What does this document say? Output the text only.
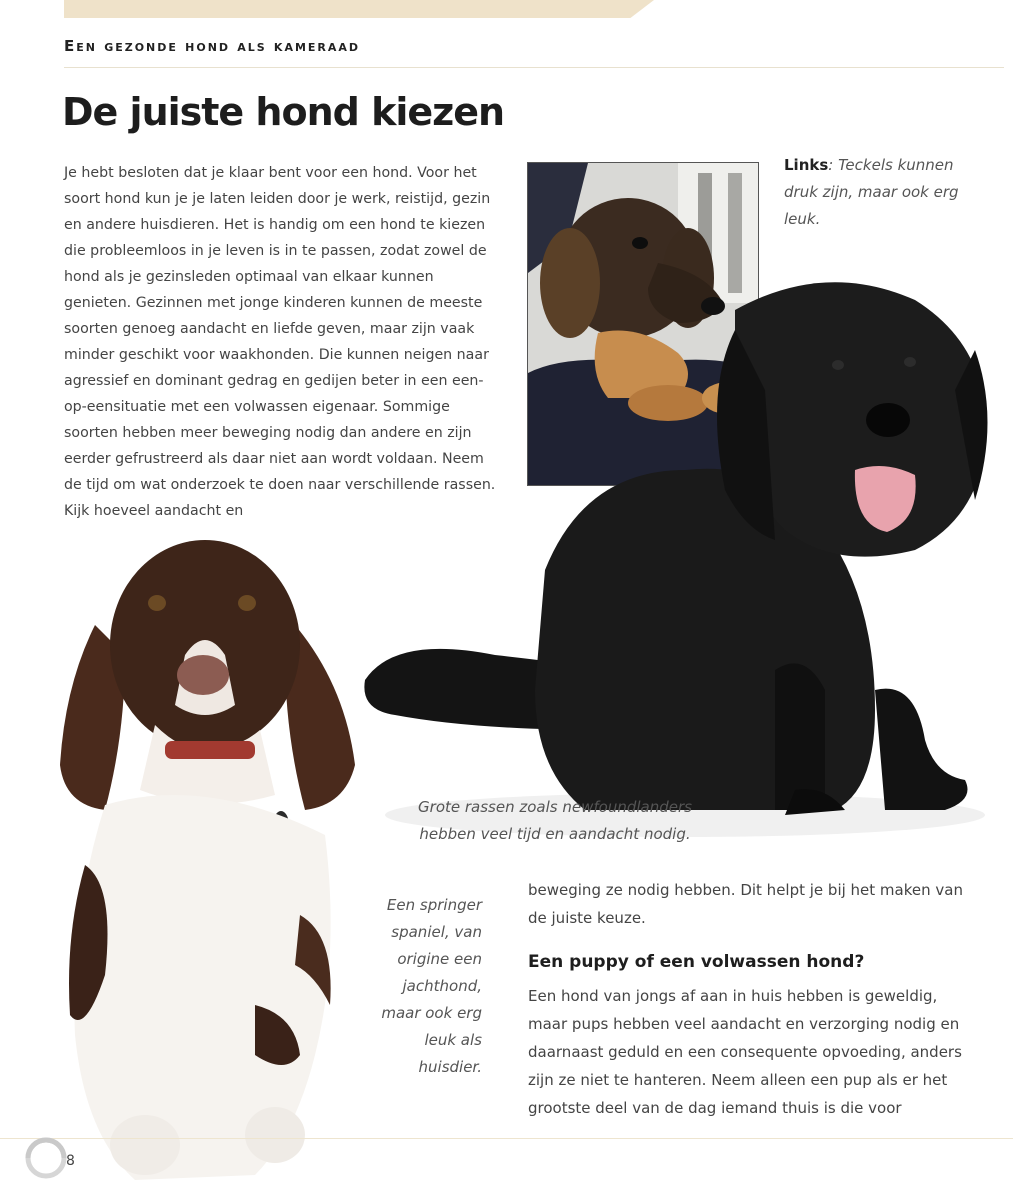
Een gezonde hond als kameraad
De juiste hond kiezen

Je hebt besloten dat je klaar bent voor een hond. Voor het soort hond kun je je laten leiden door je werk, reistijd, gezin en andere huisdieren. Het is handig om een hond te kiezen die probleemloos in je leven is in te passen, zodat zowel de hond als je gezinsleden optimaal van elkaar kunnen genieten. Gezinnen met jonge kinderen kunnen de meeste soorten genoeg aandacht en liefde geven, maar zijn vaak minder geschikt voor waakhonden. Die kunnen neigen naar agressief en dominant gedrag en gedijen beter in een een-op-eensituatie met een volwassen eigenaar. Sommige soorten hebben meer beweging nodig dan andere en zijn eerder gefrustreerd als daar niet aan wordt voldaan. Neem de tijd om wat onderzoek te doen naar verschillende rassen. Kijk hoeveel aandacht en

Links: Teckels kunnen druk zijn, maar ook erg leuk.
Grote rassen zoals newfoundlanders hebben veel tijd en aandacht nodig.
Een springer spaniel, van origine een jachthond, maar ook erg leuk als huisdier.

beweging ze nodig hebben. Dit helpt je bij het maken van de juiste keuze.

Een puppy of een volwassen hond?

Een hond van jongs af aan in huis hebben is geweldig, maar pups hebben veel aandacht en verzorging nodig en daarnaast geduld en een consequente opvoeding, anders zijn ze niet te hanteren. Neem alleen een pup als er het grootste deel van de dag iemand thuis is die voor

8
